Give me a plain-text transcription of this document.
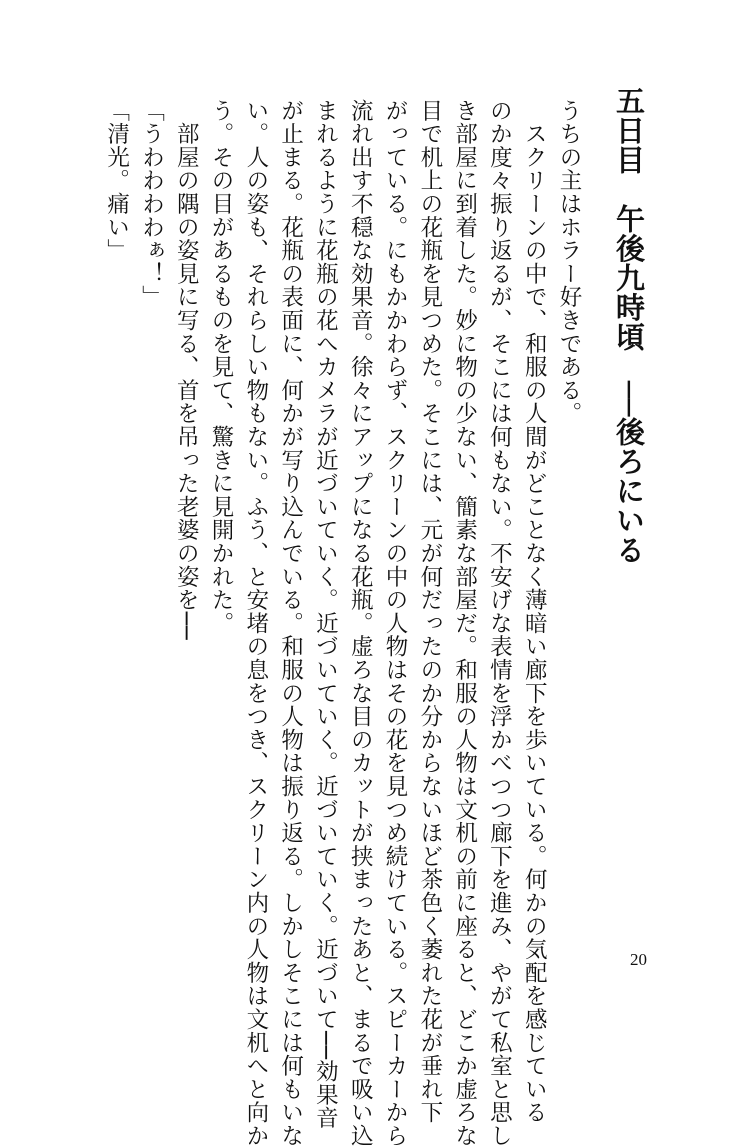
五日目　午後九時頃　──後ろにいる

うちの主はホラー好きである。

　スクリーンの中で、和服の人間がどことなく薄暗い廊下を歩いている。何かの気配を感じている

のか度々振り返るが、そこには何もない。不安げな表情を浮かべつつ廊下を進み、やがて私室と思し

き部屋に到着した。妙に物の少ない、簡素な部屋だ。和服の人物は文机の前に座ると、どこか虚ろな

目で机上の花瓶を見つめた。そこには、元が何だったのか分からないほど茶色く萎れた花が垂れ下

がっている。にもかかわらず、スクリーンの中の人物はその花を見つめ続けている。スピーカーから

流れ出す不穏な効果音。徐々にアップになる花瓶。虚ろな目のカットが挟まったあと、まるで吸い込

まれるように花瓶の花へカメラが近づいていく。近づいていく。近づいていく。近づいて──効果音

が止まる。花瓶の表面に、何かが写り込んでいる。和服の人物は振り返る。しかしそこには何もいな

い。人の姿も、それらしい物もない。ふう、と安堵の息をつき、スクリーン内の人物は文机へと向か

う。その目があるものを見て、驚きに見開かれた。

　部屋の隅の姿見に写る、首を吊った老婆の姿を──

「うわわわわぁ！」

「清光。痛い」

20
